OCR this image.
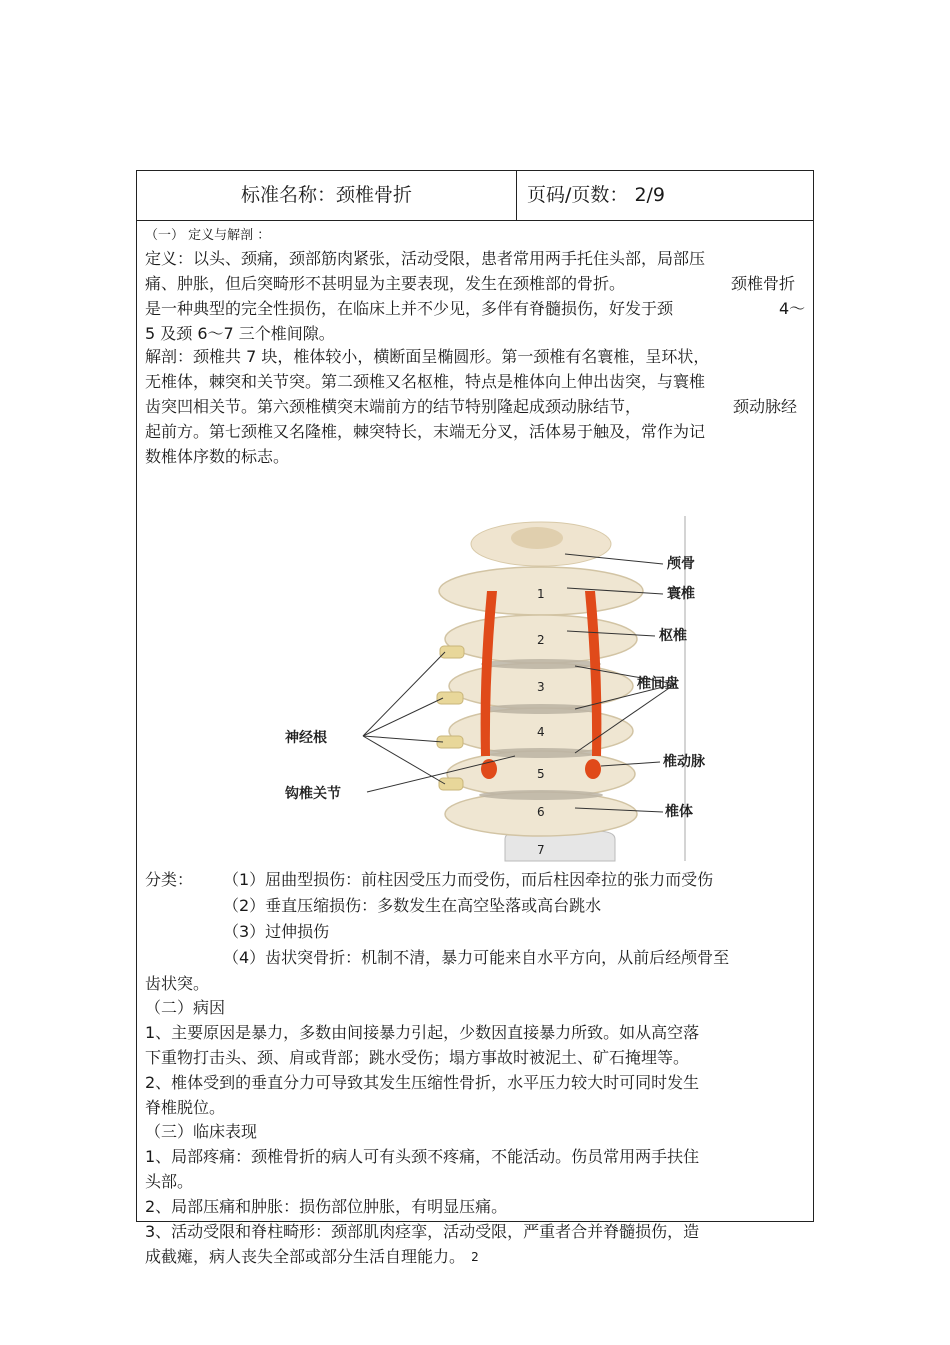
标准名称：颈椎骨折	页码/页数： 2/9
（一） 定义与解剖 ：
定义：以头、颈痛，颈部筋肉紧张，活动受限，患者常用两手托住头部，局部压
痛、肿胀，但后突畸形不甚明显为主要表现，发生在颈椎部的骨折。	颈椎骨折
是一种典型的完全性损伤，在临床上并不少见，多伴有脊髓损伤，好发于颈	4～
5 及颈 6～7 三个椎间隙。
解剖：颈椎共 7 块，椎体较小，横断面呈椭圆形。第一颈椎有名寰椎，呈环状，
无椎体，棘突和关节突。第二颈椎又名枢椎，特点是椎体向上伸出齿突，与寰椎
齿突凹相关节。第六颈椎横突末端前方的结节特别隆起成颈动脉结节，	颈动脉经
起前方。第七颈椎又名隆椎，棘突特长，末端无分叉，活体易于触及，常作为记
数椎体序数的标志。
1
2
3
4
5
6
7
颅骨
寰椎
枢椎
椎间盘
神经根
椎动脉
钩椎关节
椎体
分类： （1）屈曲型损伤：前柱因受压力而受伤，而后柱因牵拉的张力而受伤
（2）垂直压缩损伤：多数发生在高空坠落或高台跳水
（3）过伸损伤
（4）齿状突骨折：机制不清，暴力可能来自水平方向，从前后经颅骨至
齿状突。
（二）病因
1、主要原因是暴力，多数由间接暴力引起，少数因直接暴力所致。如从高空落
下重物打击头、颈、肩或背部；跳水受伤；塌方事故时被泥土、矿石掩埋等。
2、椎体受到的垂直分力可导致其发生压缩性骨折，水平压力较大时可同时发生
脊椎脱位。
（三）临床表现
1、局部疼痛：颈椎骨折的病人可有头颈不疼痛，不能活动。伤员常用两手扶住
头部。
2、局部压痛和肿胀：损伤部位肿胀，有明显压痛。
3、活动受限和脊柱畸形：颈部肌肉痉挛，活动受限，严重者合并脊髓损伤，造
成截瘫，病人丧失全部或部分生活自理能力。 2
